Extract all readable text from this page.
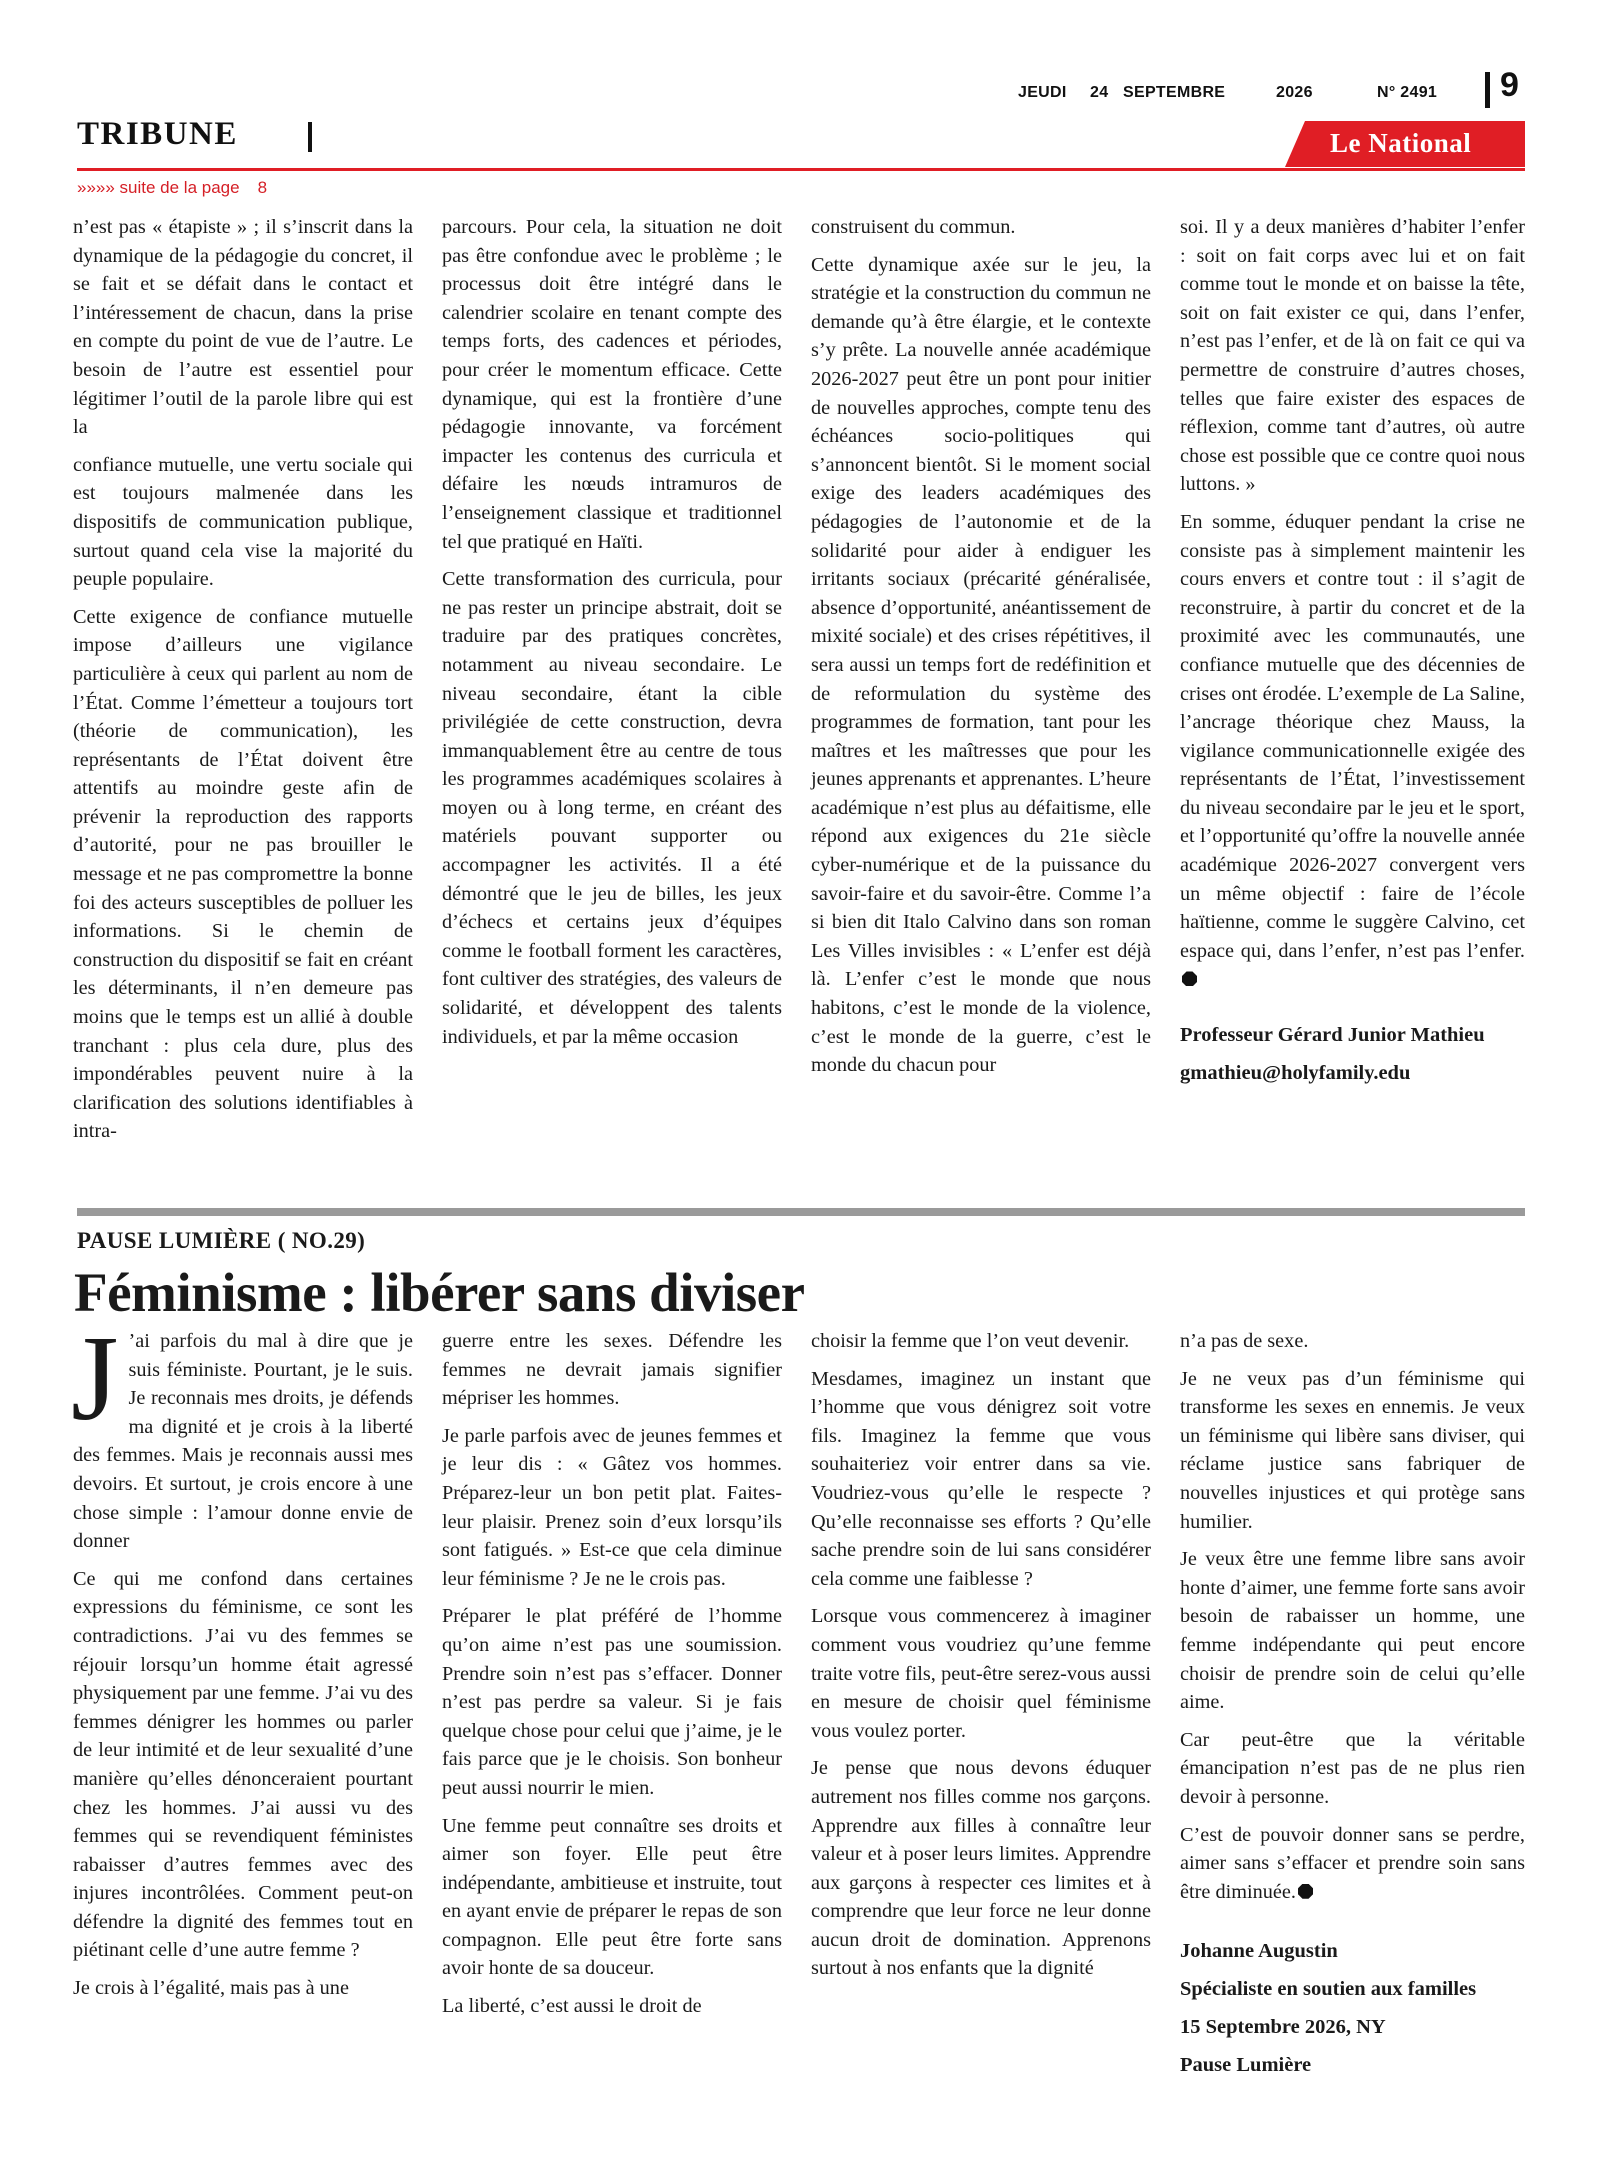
JEUDI 24 SEPTEMBRE	2026	N° 2491 9
TRIBUNE	Le National
»»»» suite de la page 8

n’est pas « étapiste » ; il s’inscrit dans la dynamique de la pédagogie du concret, il se fait et se défait dans le contact et l’intéressement de chacun, dans la prise en compte du point de vue de l’autre. Le besoin de l’autre est essentiel pour légitimer l’outil de la parole libre qui est la

confiance mutuelle, une vertu sociale qui est toujours malmenée dans les dispositifs de communication publique, surtout quand cela vise la majorité du peuple populaire.

Cette exigence de confiance mutuelle impose d’ailleurs une vigilance particulière à ceux qui parlent au nom de l’État. Comme l’émetteur a toujours tort (théorie de communication), les représentants de l’État doivent être attentifs au moindre geste afin de prévenir la reproduction des rapports d’autorité, pour ne pas brouiller le message et ne pas compromettre la bonne foi des acteurs susceptibles de polluer les informations. Si le chemin de construction du dispositif se fait en créant les déterminants, il n’en demeure pas moins que le temps est un allié à double tranchant : plus cela dure, plus des impondérables peuvent nuire à la clarification des solutions identifiables à intra-

parcours. Pour cela, la situation ne doit pas être confondue avec le problème ; le processus doit être intégré dans le calendrier scolaire en tenant compte des temps forts, des cadences et périodes, pour créer le momentum efficace. Cette dynamique, qui est la frontière d’une pédagogie innovante, va forcément impacter les contenus des curricula et défaire les nœuds intramuros de l’enseignement classique et traditionnel tel que pratiqué en Haïti.

Cette transformation des curricula, pour ne pas rester un principe abstrait, doit se traduire par des pratiques concrètes, notamment au niveau secondaire. Le niveau secondaire, étant la cible privilégiée de cette construction, devra immanquablement être au centre de tous les programmes académiques scolaires à moyen ou à long terme, en créant des matériels pouvant supporter ou accompagner les activités. Il a été démontré que le jeu de billes, les jeux d’échecs et certains jeux d’équipes comme le football forment les caractères, font cultiver des stratégies, des valeurs de solidarité, et développent des talents individuels, et par la même occasion

construisent du commun.

Cette dynamique axée sur le jeu, la stratégie et la construction du commun ne demande qu’à être élargie, et le contexte s’y prête. La nouvelle année académique 2026-2027 peut être un pont pour initier de nouvelles approches, compte tenu des échéances socio-politiques qui s’annoncent bientôt. Si le moment social exige des leaders académiques des pédagogies de l’autonomie et de la solidarité pour aider à endiguer les irritants sociaux (précarité généralisée, absence d’opportunité, anéantissement de mixité sociale) et des crises répétitives, il sera aussi un temps fort de redéfinition et de reformulation du système des programmes de formation, tant pour les maîtres et les maîtresses que pour les jeunes apprenants et apprenantes. L’heure académique n’est plus au défaitisme, elle répond aux exigences du 21e siècle cyber-numérique et de la puissance du savoir-faire et du savoir-être. Comme l’a si bien dit Italo Calvino dans son roman Les Villes invisibles : « L’enfer est déjà là. L’enfer c’est le monde que nous habitons, c’est le monde de la violence, c’est le monde de la guerre, c’est le monde du chacun pour

soi. Il y a deux manières d’habiter l’enfer : soit on fait corps avec lui et on fait comme tout le monde et on baisse la tête, soit on fait exister ce qui, dans l’enfer, n’est pas l’enfer, et de là on fait ce qui va permettre de construire d’autres choses, telles que faire exister des espaces de réflexion, comme tant d’autres, où autre chose est possible que ce contre quoi nous luttons. »

En somme, éduquer pendant la crise ne consiste pas à simplement maintenir les cours envers et contre tout : il s’agit de reconstruire, à partir du concret et de la proximité avec les communautés, une confiance mutuelle que des décennies de crises ont érodée. L’exemple de La Saline, l’ancrage théorique chez Mauss, la vigilance communicationnelle exigée des représentants de l’État, l’investissement du niveau secondaire par le jeu et le sport, et l’opportunité qu’offre la nouvelle année académique 2026-2027 convergent vers un même objectif : faire de l’école haïtienne, comme le suggère Calvino, cet espace qui, dans l’enfer, n’est pas l’enfer.

Professeur Gérard Junior Mathieu
gmathieu@holyfamily.edu
PAUSE LUMIÈRE ( NO.29)
Féminisme : libérer sans diviser

J ’ai parfois du mal à dire que je suis féministe. Pourtant, je le suis. Je reconnais mes droits, je défends ma dignité et je crois à la liberté des femmes. Mais je reconnais aussi mes devoirs. Et surtout, je crois encore à une chose simple : l’amour donne envie de donner

Ce qui me confond dans certaines expressions du féminisme, ce sont les contradictions. J’ai vu des femmes se réjouir lorsqu’un homme était agressé physiquement par une femme. J’ai vu des femmes dénigrer les hommes ou parler de leur intimité et de leur sexualité d’une manière qu’elles dénonceraient pourtant chez les hommes. J’ai aussi vu des femmes qui se revendiquent féministes rabaisser d’autres femmes avec des injures incontrôlées. Comment peut-on défendre la dignité des femmes tout en piétinant celle d’une autre femme ?

Je crois à l’égalité, mais pas à une

guerre entre les sexes. Défendre les femmes ne devrait jamais signifier mépriser les hommes.

Je parle parfois avec de jeunes femmes et je leur dis : « Gâtez vos hommes. Préparez-leur un bon petit plat. Faites-leur plaisir. Prenez soin d’eux lorsqu’ils sont fatigués. » Est-ce que cela diminue leur féminisme ? Je ne le crois pas.

Préparer le plat préféré de l’homme qu’on aime n’est pas une soumission. Prendre soin n’est pas s’effacer. Donner n’est pas perdre sa valeur. Si je fais quelque chose pour celui que j’aime, je le fais parce que je le choisis. Son bonheur peut aussi nourrir le mien.

Une femme peut connaître ses droits et aimer son foyer. Elle peut être indépendante, ambitieuse et instruite, tout en ayant envie de préparer le repas de son compagnon. Elle peut être forte sans avoir honte de sa douceur.

La liberté, c’est aussi le droit de

choisir la femme que l’on veut devenir.

Mesdames, imaginez un instant que l’homme que vous dénigrez soit votre fils. Imaginez la femme que vous souhaiteriez voir entrer dans sa vie. Voudriez-vous qu’elle le respecte ? Qu’elle reconnaisse ses efforts ? Qu’elle sache prendre soin de lui sans considérer cela comme une faiblesse ?

Lorsque vous commencerez à imaginer comment vous voudriez qu’une femme traite votre fils, peut-être serez-vous aussi en mesure de choisir quel féminisme vous voulez porter.

Je pense que nous devons éduquer autrement nos filles comme nos garçons. Apprendre aux filles à connaître leur valeur et à poser leurs limites. Apprendre aux garçons à respecter ces limites et à comprendre que leur force ne leur donne aucun droit de domination. Apprenons surtout à nos enfants que la dignité

n’a pas de sexe.

Je ne veux pas d’un féminisme qui transforme les sexes en ennemis. Je veux un féminisme qui libère sans diviser, qui réclame justice sans fabriquer de nouvelles injustices et qui protège sans humilier.

Je veux être une femme libre sans avoir honte d’aimer, une femme forte sans avoir besoin de rabaisser un homme, une femme indépendante qui peut encore choisir de prendre soin de celui qu’elle aime.

Car peut-être que la véritable émancipation n’est pas de ne plus rien devoir à personne.

C’est de pouvoir donner sans se perdre, aimer sans s’effacer et prendre soin sans être diminuée.

Johanne Augustin
Spécialiste en soutien aux familles
15 Septembre 2026, NY
Pause Lumière
